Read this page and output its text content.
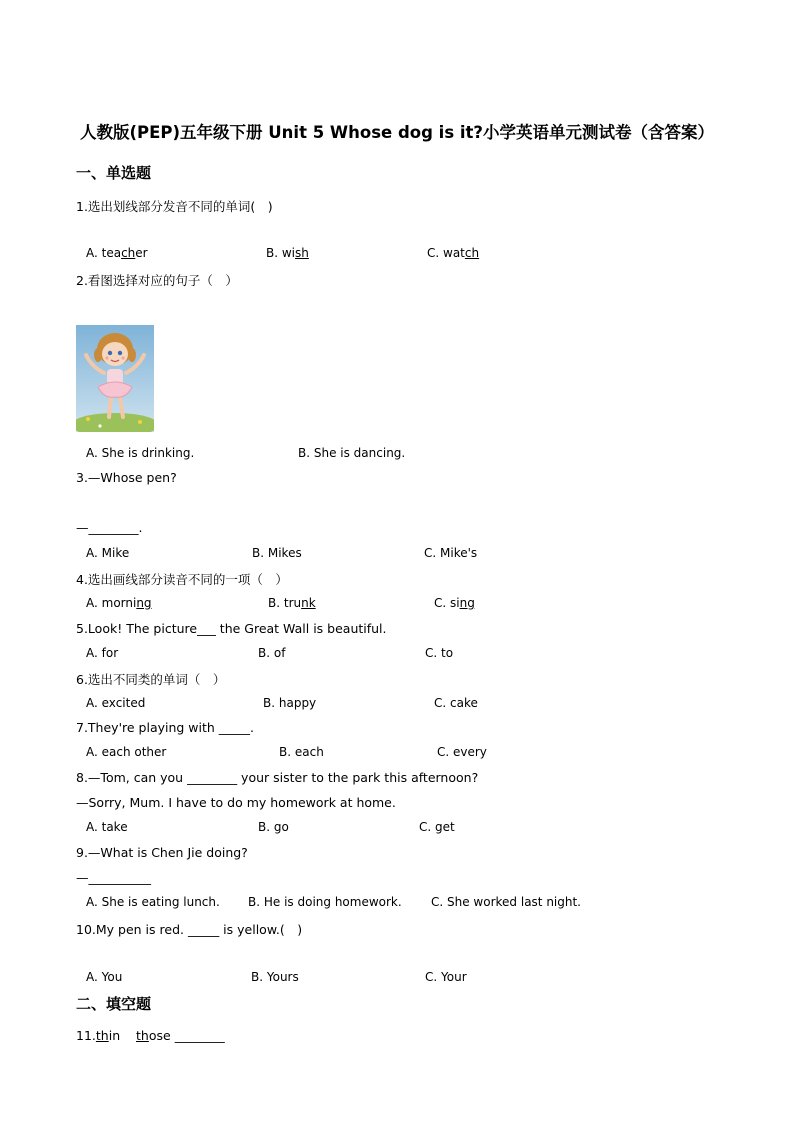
人教版(PEP)五年级下册 Unit 5 Whose dog is it?小学英语单元测试卷（含答案）
一、单选题
1.选出划线部分发音不同的单词(　)
A. teacher	B. wish	C. watch
2.看图选择对应的句子（　）
A. She is drinking.	B. She is dancing.
3.—Whose pen?
—________.
A. Mike	B. Mikes	C. Mike's
4.选出画线部分读音不同的一项（　）
A. morning	B. trunk	C. sing
5.Look! The picture___ the Great Wall is beautiful.
A. for	B. of	C. to
6.选出不同类的单词（　）
A. excited	B. happy	C. cake
7.They're playing with _____.
A. each other	B. each	C. every
8.—Tom, can you ________ your sister to the park this afternoon?
—Sorry, Mum. I have to do my homework at home.
A. take	B. go	C. get
9.—What is Chen Jie doing?
—__________
A. She is eating lunch. B. He is doing homework. C. She worked last night.
10.My pen is red. _____ is yellow.(　)
A. You	B. Yours	C. Your
二、填空题
11.thin those ________
